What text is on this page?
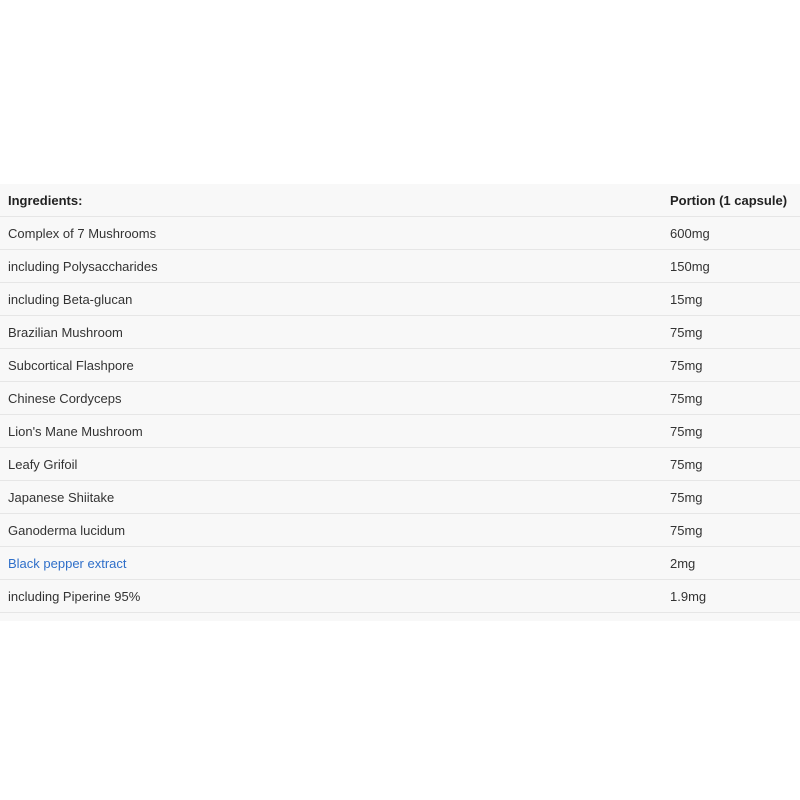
Ingredients:	Portion (1 capsule)
Complex of 7 Mushrooms	600mg
including Polysaccharides	150mg
including Beta-glucan	15mg
Brazilian Mushroom	75mg
Subcortical Flashpore	75mg
Chinese Cordyceps	75mg
Lion's Mane Mushroom	75mg
Leafy Grifoil	75mg
Japanese Shiitake	75mg
Ganoderma lucidum	75mg
Black pepper extract	2mg
including Piperine 95%	1.9mg
